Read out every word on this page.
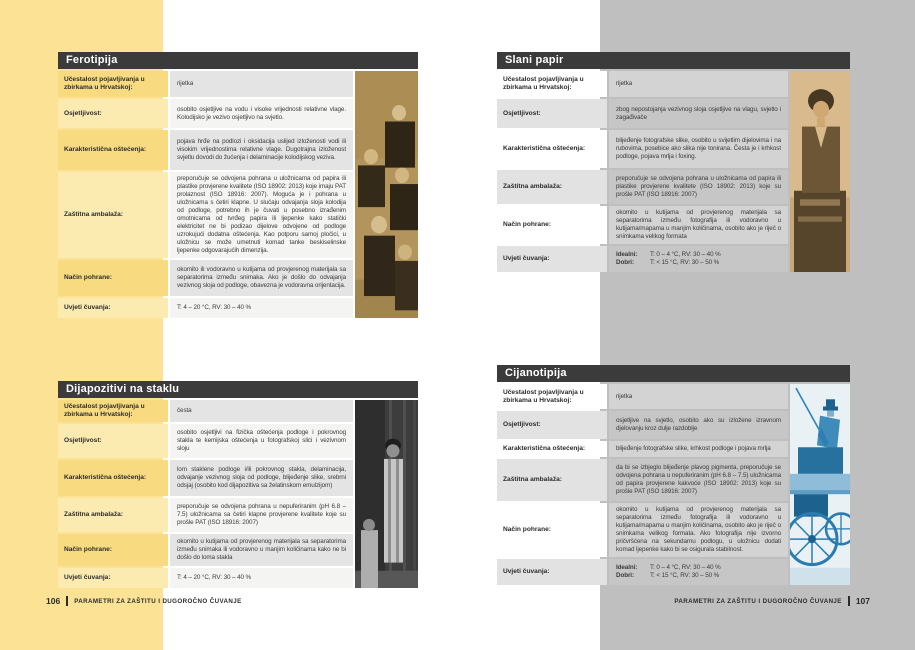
Ferotipija
Učestalost pojavljivanja u zbirkama u Hrvatskoj:
rijetka
Osjetljivost:
osobito osjetljive na vodu i visoke vrijednosti relativne vlage. Kolodijsko je vezivo osjetljivo na svjetlo.
Karakteristična oštećenja:
pojava hrđe na podlozi i oksidacija uslijed izloženosti vodi ili visokim vrijednostima relativne vlage. Dugotrajna izloženost svjetlu dovodi do žućenja i delaminacije kolodijskog veziva.
Zaštitna ambalaža:
preporučuje se odvojena pohrana u uložnicama od papira ili plastike provjerene kvalitete (ISO 18902: 2013) koje imaju PAT prolaznost (ISO 18916: 2007). Moguća je i pohrana u uložnicama s četiri klapne. U slučaju odvajanja sloja kolodija od podloge, potrebno ih je čuvati u posebno izrađenim omotnicama od tvrđeg papira ili ljepenke kako statički elektricitet ne bi podizao dijelove odvojene od podloge uzrokujući dodatna oštećenja. Kao potporu samoj pločici, u uložnicu se može umetnuti komad tanke beskiselinske ljepenke odgovarajućih dimenzija.
Način pohrane:
okomito ili vodoravno u kutijama od provjerenog materijala sa separatorima između snimaka. Ako je došlo do odvajanja vezivnog sloja od podloge, obavezna je vodoravna orijentacija.
Uvjeti čuvanja:	T: 4 – 20 °C, RV: 30 – 40 %
Slani papir
Učestalost pojavljivanja u zbirkama u Hrvatskoj:
rijetka
Osjetljivost:
zbog nepostojanja vezivnog sloja osjetljive na vlagu, svjetlo i zagađivače
Karakteristična oštećenja:
blijeđenje fotografske slike, osobito u svijetlim dijelovima i na rubovima, posebice ako slika nije tonirana. Česta je i krhkost podloge, pojava mrlja i foxing.
Zaštitna ambalaža:
preporučuje se odvojena pohrana u uložnicama od papira ili plastike provjerene kvalitete (ISO 18902: 2013) koje su prošle PAT (ISO 18916: 2007)
Način pohrane:
okomito u kutijama od provjerenog materijala sa separatorima između fotografija ili vodoravno u kutijama/mapama u manjim količinama, osobito ako je riječ o snimkama velikog formata
Uvjeti čuvanja:
Idealni:	T: 0 – 4 °C, RV: 30 – 40 %
Dobri:	T: < 15 °C, RV: 30 – 50 %
Dijapozitivi na staklu
Učestalost pojavljivanja u zbirkama u Hrvatskoj:
česta
Osjetljivost:
osobito osjetljivi na fizička oštećenja podloge i pokrovnog stakla te kemijska oštećenja u fotografskoj slici i vezivnom sloju
Karakteristična oštećenja:
lom staklene podloge i/ili pokrovnog stakla, delaminacija, odvajanje vezivnog sloja od podloge, blijeđenje slike, srebrni odsjaj (osobito kod dijapozitiva sa želatinskom emulzijom)
Zaštitna ambalaža:
preporučuje se odvojena pohrana u nepuferiranim (pH 6.8 – 7.5) uložnicama sa četiri klapne provjerene kvalitete koje su prošle PAT (ISO 18916: 2007)
Način pohrane:
okomito u kutijama od provjerenog materijala sa separatorima između snimaka ili vodoravno u manjim količinama kako ne bi došlo do loma stakla
Uvjeti čuvanja:	T: 4 – 20 °C, RV: 30 – 40 %
Cijanotipija
Učestalost pojavljivanja u zbirkama u Hrvatskoj:
rijetka
Osjetljivost:
osjetljive na svjetlo, osobito ako su izložene izravnom djelovanju kroz dulje razdoblje
Karakteristična oštećenja:	blijeđenje fotografske slike, krhkost podloge i pojava mrlja
Zaštitna ambalaža:
da bi se izbjeglo blijeđenje plavog pigmenta, preporučuje se odvojena pohrana u nepuferiranim (pH 6.8 – 7.5) uložnicama od papira provjerene kakvoće (ISO 18902: 2013) koje su prošle PAT (ISO 18916: 2007)
Način pohrane:
okomito u kutijama od provjerenog materijala sa separatorima između fotografija ili vodoravno u kutijama/mapama u manjim količinama, osobito ako je riječ o snimkama velikog formata. Ako fotografija nije izvorno pričvršćena na sekundarnu podlogu, u uložnicu dodati komad ljepenke kako bi se osigurala stabilnost.
Uvjeti čuvanja:
Idealni:	T: 0 – 4 °C, RV: 30 – 40 %
Dobri:	T: < 15 °C, RV: 30 – 50 %
106 PARAMETRI ZA ZAŠTITU I DUGOROČNO ČUVANJE	PARAMETRI ZA ZAŠTITU I DUGOROČNO ČUVANJE 107
